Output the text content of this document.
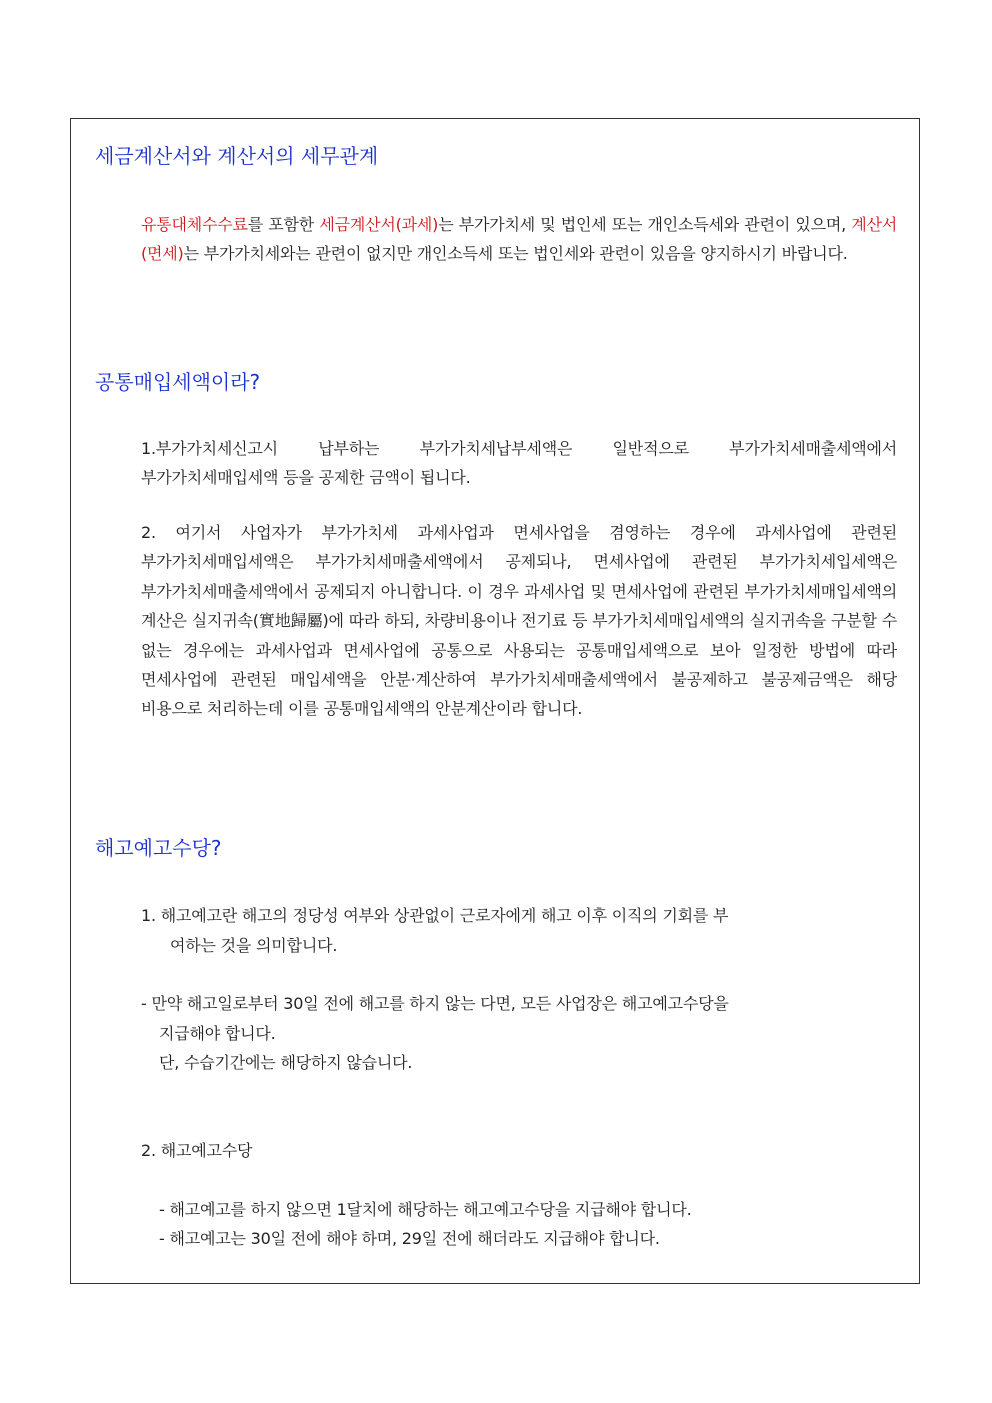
세금계산서와 계산서의 세무관계
유통대체수수료를 포함한 세금계산서(과세)는 부가가치세 및 법인세 또는 개인소득세와 관련이 있으며, 계산서(면세)는 부가가치세와는 관련이 없지만 개인소득세 또는 법인세와 관련이 있음을 양지하시기 바랍니다.
공통매입세액이라?
1.부가가치세신고시 납부하는 부가가치세납부세액은 일반적으로 부가가치세매출세액에서 부가가치세매입세액 등을 공제한 금액이 됩니다.
2. 여기서 사업자가 부가가치세 과세사업과 면세사업을 겸영하는 경우에 과세사업에 관련된 부가가치세매입세액은 부가가치세매출세액에서 공제되나, 면세사업에 관련된 부가가치세입세액은 부가가치세매출세액에서 공제되지 아니합니다. 이 경우 과세사업 및 면세사업에 관련된 부가가치세매입세액의 계산은 실지귀속(實地歸屬)에 따라 하되, 차량비용이나 전기료 등 부가가치세매입세액의 실지귀속을 구분할 수 없는 경우에는 과세사업과 면세사업에 공통으로 사용되는 공통매입세액으로 보아 일정한 방법에 따라 면세사업에 관련된 매입세액을 안분·계산하여 부가가치세매출세액에서 불공제하고 불공제금액은 해당 비용으로 처리하는데 이를 공통매입세액의 안분계산이라 합니다.
해고예고수당?
1. 해고예고란 해고의 정당성 여부와 상관없이 근로자에게 해고 이후 이직의 기회를 부
여하는 것을 의미합니다.
- 만약 해고일로부터 30일 전에 해고를 하지 않는 다면, 모든 사업장은 해고예고수당을
지급해야 합니다.
단, 수습기간에는 해당하지 않습니다.
2. 해고예고수당
- 해고예고를 하지 않으면 1달치에 해당하는 해고예고수당을 지급해야 합니다.
- 해고예고는 30일 전에 해야 하며, 29일 전에 해더라도 지급해야 합니다.
